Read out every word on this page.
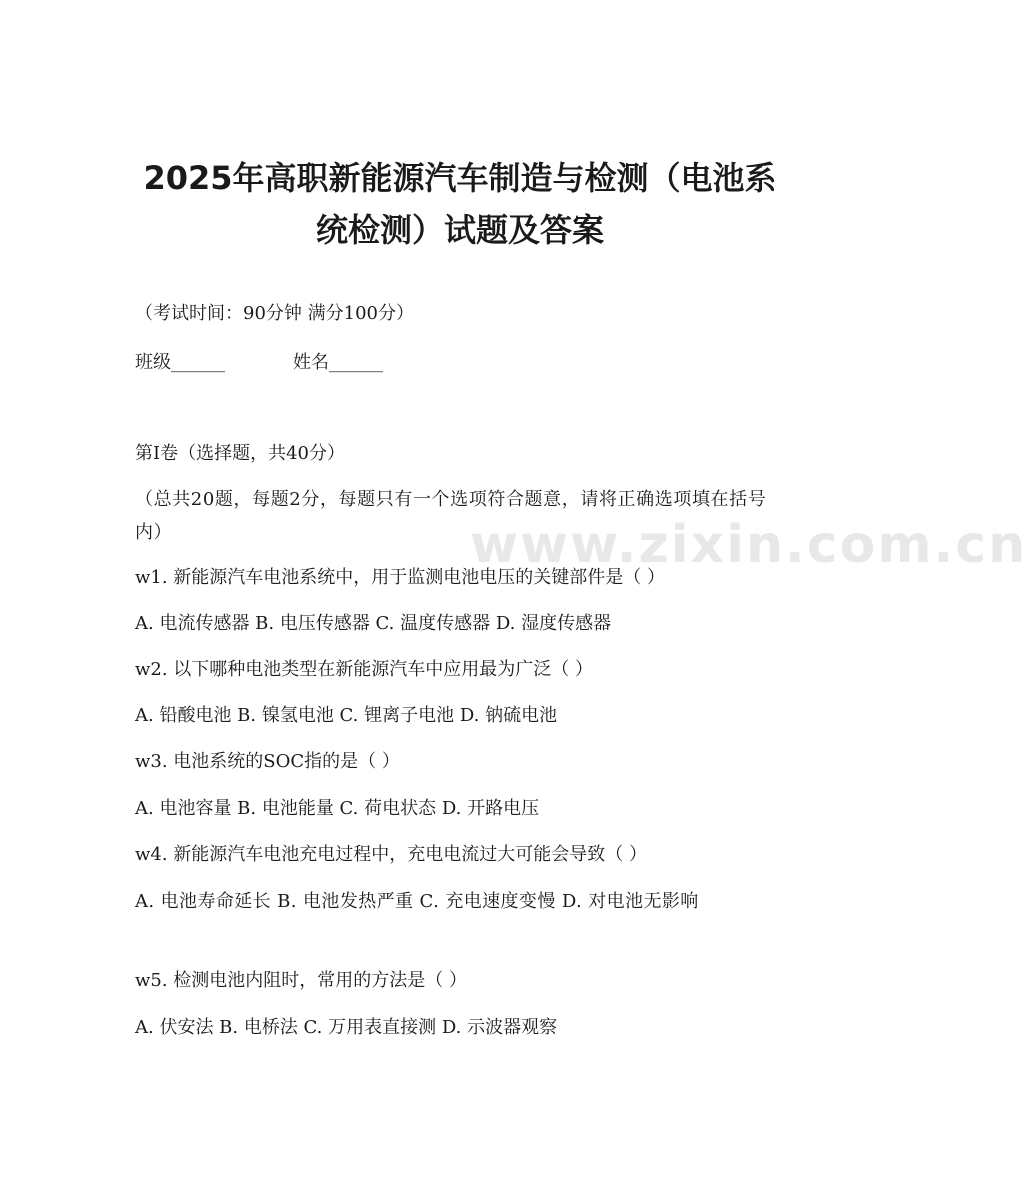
www.zixin.com.cn
2025年高职新能源汽车制造与检测（电池系
统检测）试题及答案
（考试时间：90分钟 满分100分）
班级______	姓名______
第I卷（选择题，共40分）
（总共20题，每题2分，每题只有一个选项符合题意，请将正确选项填在括号内）
w1. 新能源汽车电池系统中，用于监测电池电压的关键部件是（ ）
A. 电流传感器 B. 电压传感器 C. 温度传感器 D. 湿度传感器
w2. 以下哪种电池类型在新能源汽车中应用最为广泛（ ）
A. 铅酸电池 B. 镍氢电池 C. 锂离子电池 D. 钠硫电池
w3. 电池系统的SOC指的是（ ）
A. 电池容量 B. 电池能量 C. 荷电状态 D. 开路电压
w4. 新能源汽车电池充电过程中，充电电流过大可能会导致（ ）
A. 电池寿命延长 B. 电池发热严重 C. 充电速度变慢 D. 对电池无影响
w5. 检测电池内阻时，常用的方法是（ ）
A. 伏安法 B. 电桥法 C. 万用表直接测 D. 示波器观察
